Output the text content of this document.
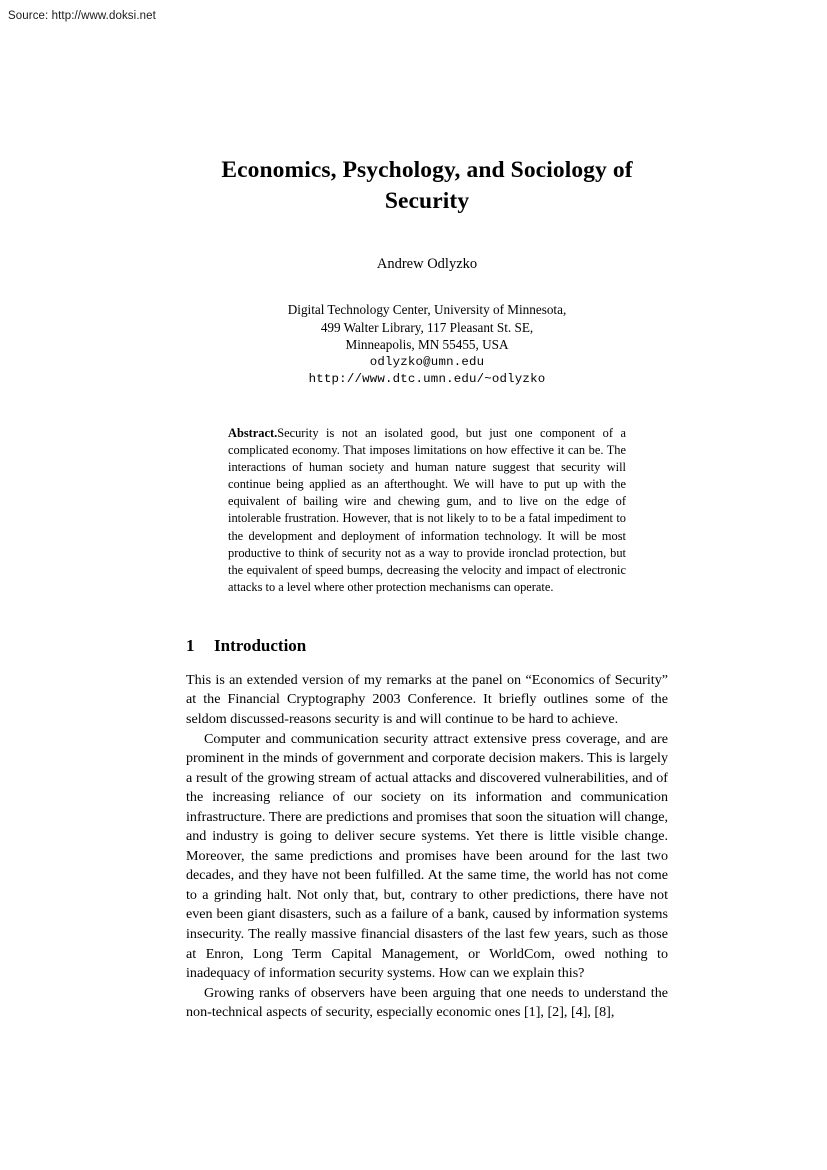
Source: http://www.doksi.net
Economics, Psychology, and Sociology of Security
Andrew Odlyzko
Digital Technology Center, University of Minnesota,
499 Walter Library, 117 Pleasant St. SE,
Minneapolis, MN 55455, USA
odlyzko@umn.edu
http://www.dtc.umn.edu/~odlyzko
Abstract.Security is not an isolated good, but just one component of a complicated economy. That imposes limitations on how effective it can be. The interactions of human society and human nature suggest that security will continue being applied as an afterthought. We will have to put up with the equivalent of bailing wire and chewing gum, and to live on the edge of intolerable frustration. However, that is not likely to to be a fatal impediment to the development and deployment of information technology. It will be most productive to think of security not as a way to provide ironclad protection, but the equivalent of speed bumps, decreasing the velocity and impact of electronic attacks to a level where other protection mechanisms can operate.
1 Introduction

This is an extended version of my remarks at the panel on “Economics of Security” at the Financial Cryptography 2003 Conference. It briefly outlines some of the seldom discussed-reasons security is and will continue to be hard to achieve.

Computer and communication security attract extensive press coverage, and are prominent in the minds of government and corporate decision makers. This is largely a result of the growing stream of actual attacks and discovered vulnerabilities, and of the increasing reliance of our society on its information and communication infrastructure. There are predictions and promises that soon the situation will change, and industry is going to deliver secure systems. Yet there is little visible change. Moreover, the same predictions and promises have been around for the last two decades, and they have not been fulfilled. At the same time, the world has not come to a grinding halt. Not only that, but, contrary to other predictions, there have not even been giant disasters, such as a failure of a bank, caused by information systems insecurity. The really massive financial disasters of the last few years, such as those at Enron, Long Term Capital Management, or WorldCom, owed nothing to inadequacy of information security systems. How can we explain this?

Growing ranks of observers have been arguing that one needs to understand the non-technical aspects of security, especially economic ones [1], [2], [4], [8],
